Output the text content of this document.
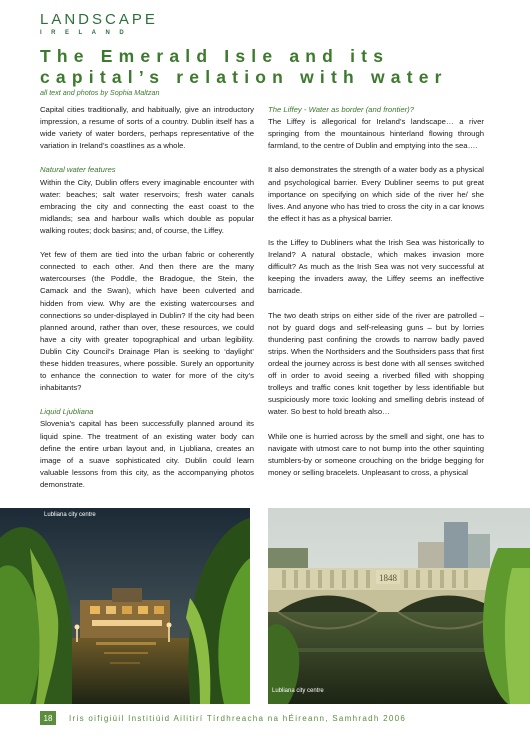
LANDSCAPE
IRELAND
The Emerald Isle and its
capital’s relation with water
all text and photos by Sophia Maltzan

Capital cities traditionally, and habitually, give an introductory impression, a resume of sorts of a country. Dublin itself has a wide variety of water borders, perhaps representative of the variation in Ireland’s coastlines as a whole.

Natural water features

Within the City, Dublin offers every imaginable encounter with water: beaches; salt water reservoirs; fresh water canals embracing the city and connecting the east coast to the midlands; sea and harbour walls which double as popular walking routes; dock basins; and, of course, the Liffey.

Yet few of them are tied into the urban fabric or coherently connected to each other. And then there are the many watercourses (the Poddle, the Bradogue, the Stein, the Camack and the Swan), which have been culverted and hidden from view. Why are the existing watercourses and connections so under-displayed in Dublin? If the city had been planned around, rather than over, these resources, we could have a city with greater topographical and urban legibility. Dublin City Council’s Drainage Plan is seeking to ‘daylight’ these hidden treasures, where possible. Surely an opportunity to enhance the connection to water for more of the city’s inhabitants?

Liquid Ljubliana

Slovenia’s capital has been successfully planned around its liquid spine. The treatment of an existing water body can define the entire urban layout and, in Ljubliana, creates an image of a suave sophisticated city. Dublin could learn valuable lessons from this city, as the accompanying photos demonstrate.

The Liffey - Water as border (and frontier)?

The Liffey is allegorical for Ireland’s landscape… a river springing from the mountainous hinterland flowing through farmland, to the centre of Dublin and emptying into the sea….

It also demonstrates the strength of a water body as a physical and psychological barrier. Every Dubliner seems to put great importance on specifying on which side of the river he/ she lives. And anyone who has tried to cross the city in a car knows the effect it has as a physical barrier.

Is the Liffey to Dubliners what the Irish Sea was historically to Ireland? A natural obstacle, which makes invasion more difficult? As much as the Irish Sea was not very successful at keeping the invaders away, the Liffey seems an ineffective barricade.

The two death strips on either side of the river are patrolled – not by guard dogs and self-releasing guns – but by lorries thundering past confining the crowds to narrow badly paved strips. When the Northsiders and the Southsiders pass that first ordeal the journey across is best done with all senses switched off in order to avoid seeing a riverbed filled with shopping trolleys and traffic cones knit together by less identifiable but suspiciously more toxic looking and smelling debris instead of water. So best to hold breath also…

While one is hurried across by the smell and sight, one has to navigate with utmost care to not bump into the other squinting stumblers-by or someone crouching on the bridge begging for money or selling bracelets. Unpleasant to cross, a physical

Lubliana city centre
1848
Lubliana city centre
18	Iris oifigiúil Institiúid Ailitirí Tírdhreacha na hÉireann, Samhradh 2006
